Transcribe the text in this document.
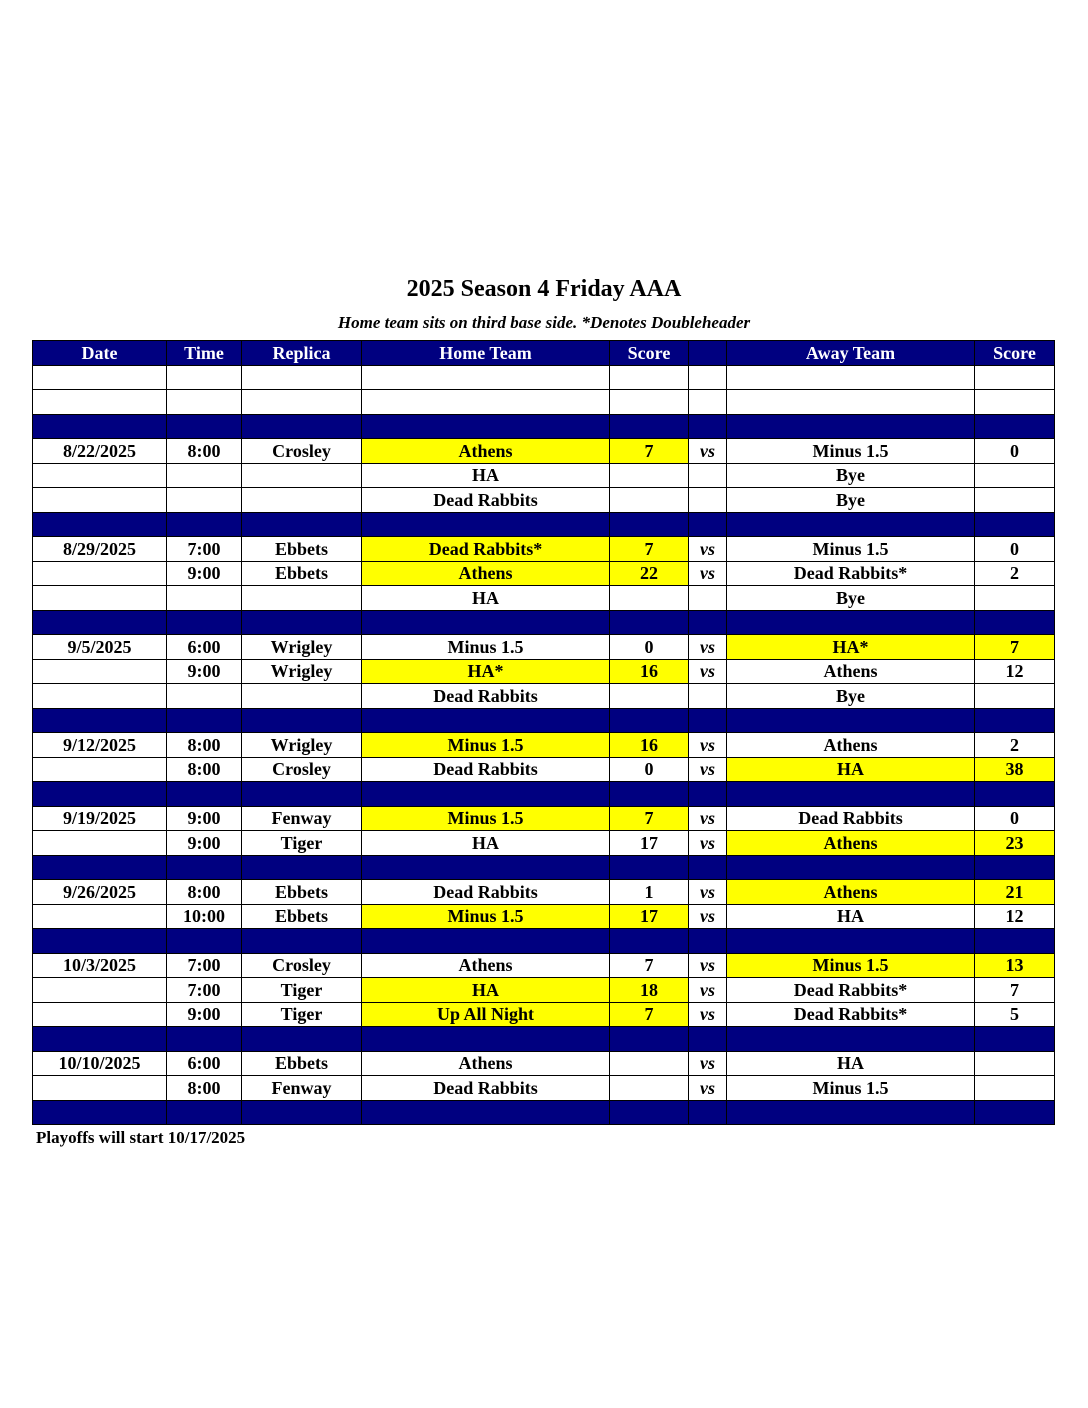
2025 Season 4 Friday AAA
Home team sits on third base side. *Denotes Doubleheader
Date	Time	Replica	Home Team	Score		Away Team	Score

8/22/2025	8:00	Crosley	Athens	7	vs	Minus 1.5	0
			HA			Bye	
			Dead Rabbits			Bye	

8/29/2025	7:00	Ebbets	Dead Rabbits*	7	vs	Minus 1.5	0
	9:00	Ebbets	Athens	22	vs	Dead Rabbits*	2
			HA			Bye	

9/5/2025	6:00	Wrigley	Minus 1.5	0	vs	HA*	7
	9:00	Wrigley	HA*	16	vs	Athens	12
			Dead Rabbits			Bye	

9/12/2025	8:00	Wrigley	Minus 1.5	16	vs	Athens	2
	8:00	Crosley	Dead Rabbits	0	vs	HA	38

9/19/2025	9:00	Fenway	Minus 1.5	7	vs	Dead Rabbits	0
	9:00	Tiger	HA	17	vs	Athens	23

9/26/2025	8:00	Ebbets	Dead Rabbits	1	vs	Athens	21
	10:00	Ebbets	Minus 1.5	17	vs	HA	12

10/3/2025	7:00	Crosley	Athens	7	vs	Minus 1.5	13
	7:00	Tiger	HA	18	vs	Dead Rabbits*	7
	9:00	Tiger	Up All Night	7	vs	Dead Rabbits*	5

10/10/2025	6:00	Ebbets	Athens		vs	HA	
	8:00	Fenway	Dead Rabbits		vs	Minus 1.5	

Playoffs will start 10/17/2025
